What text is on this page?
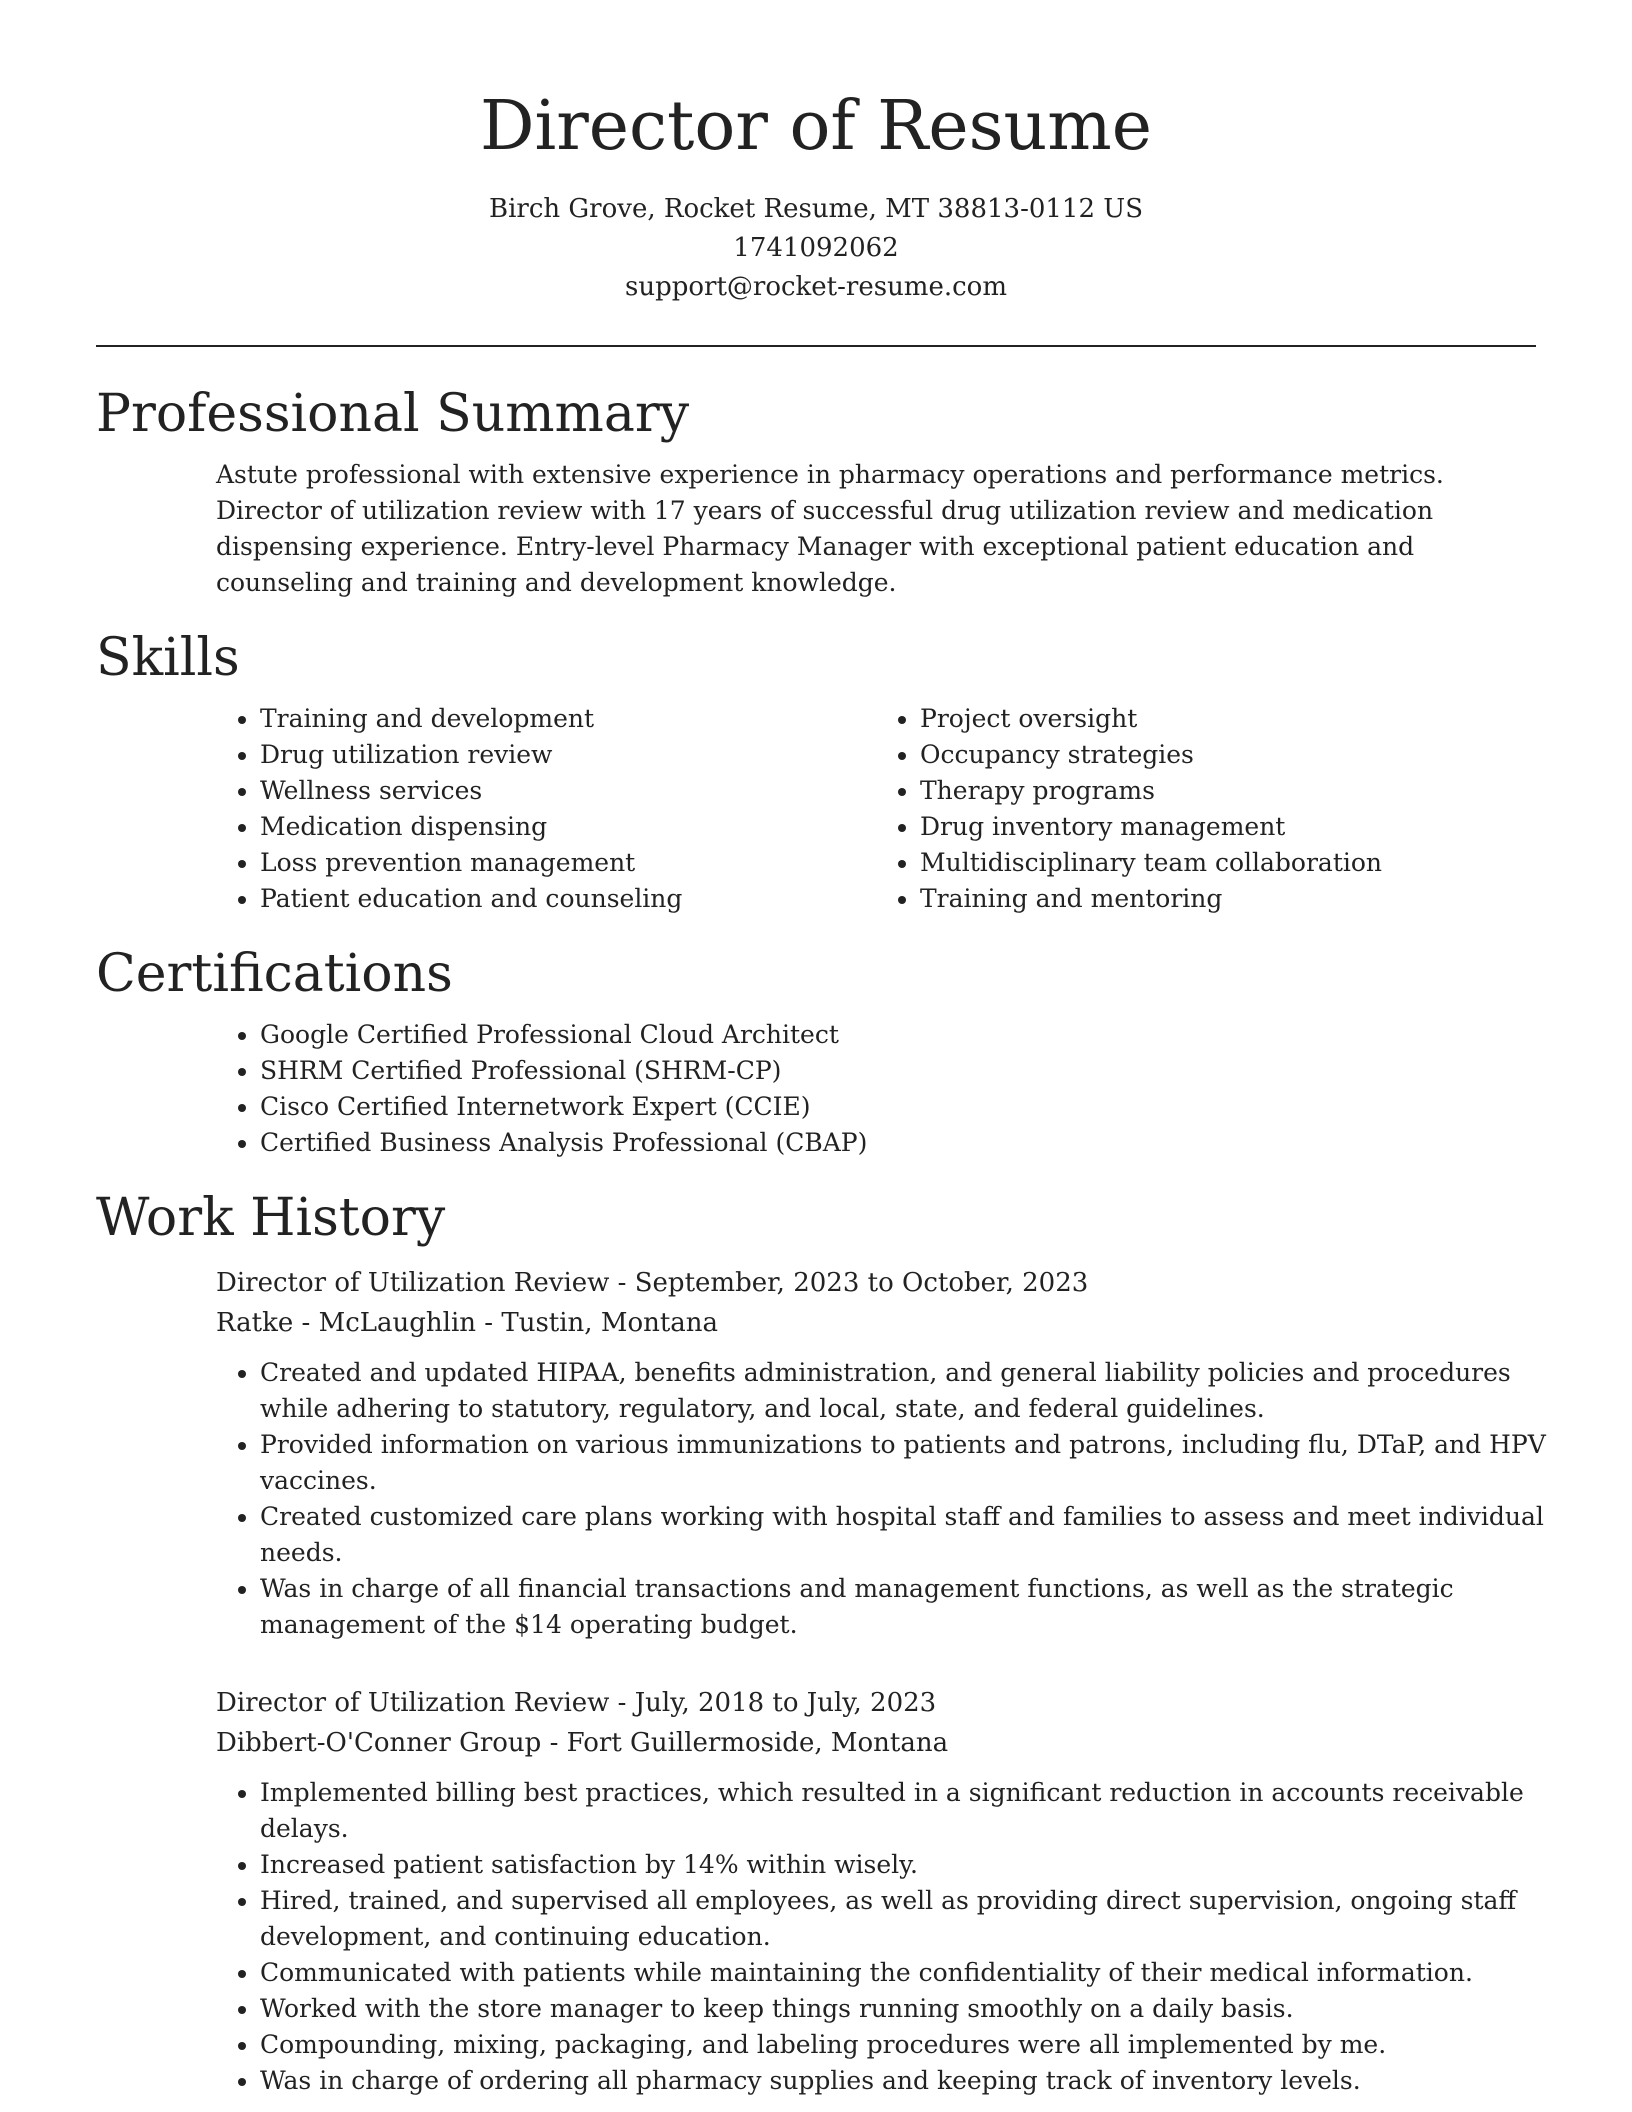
Director of Resume
Birch Grove, Rocket Resume, MT 38813-0112 US
1741092062
support@rocket-resume.com
Professional Summary

Astute professional with extensive experience in pharmacy operations and performance metrics. Director of utilization review with 17 years of successful drug utilization review and medication dispensing experience. Entry-level Pharmacy Manager with exceptional patient education and counseling and training and development knowledge.

Skills
• Training and development
• Drug utilization review
• Wellness services
• Medication dispensing
• Loss prevention management
• Patient education and counseling
• Project oversight
• Occupancy strategies
• Therapy programs
• Drug inventory management
• Multidisciplinary team collaboration
• Training and mentoring
Certifications
• Google Certified Professional Cloud Architect
• SHRM Certified Professional (SHRM-CP)
• Cisco Certified Internetwork Expert (CCIE)
• Certified Business Analysis Professional (CBAP)
Work History
Director of Utilization Review - September, 2023 to October, 2023
Ratke - McLaughlin - Tustin, Montana
• Created and updated HIPAA, benefits administration, and general liability policies and procedures while adhering to statutory, regulatory, and local, state, and federal guidelines.
• Provided information on various immunizations to patients and patrons, including flu, DTaP, and HPV vaccines.
• Created customized care plans working with hospital staff and families to assess and meet individual needs.
• Was in charge of all financial transactions and management functions, as well as the strategic management of the $14 operating budget.
Director of Utilization Review - July, 2018 to July, 2023
Dibbert-O'Conner Group - Fort Guillermoside, Montana
• Implemented billing best practices, which resulted in a significant reduction in accounts receivable delays.
• Increased patient satisfaction by 14% within wisely.
• Hired, trained, and supervised all employees, as well as providing direct supervision, ongoing staff development, and continuing education.
• Communicated with patients while maintaining the confidentiality of their medical information.
• Worked with the store manager to keep things running smoothly on a daily basis.
• Compounding, mixing, packaging, and labeling procedures were all implemented by me.
• Was in charge of ordering all pharmacy supplies and keeping track of inventory levels.
